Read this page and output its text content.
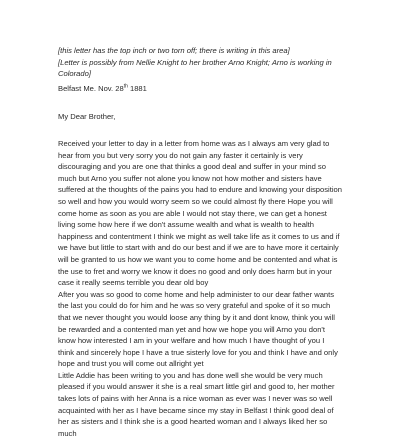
[this letter has the top inch or two torn off; there is writing in this area]

[Letter is possibly from Nellie Knight to her brother Arno Knight; Arno is working in Colorado]

Belfast Me. Nov. 28th 1881
My Dear Brother,

Received your letter to day in a letter from home was as I always am very glad to hear from you but very sorry you do not gain any faster it certainly is very discouraging and you are one that thinks a good deal and suffer in your mind so much but Arno you suffer not alone you know not how mother and sisters have suffered at the thoughts of the pains you had to endure and knowing your disposition so well and how you would worry seem so we could almost fly there Hope you will come home as soon as you are able I would not stay there, we can get a honest living some how here if we don't assume wealth and what is wealth to health happiness and contentment I think we might as well take life as it comes to us and if we have but little to start with and do our best and if we are to have more it certainly will be granted to us how we want you to come home and be contented and what is the use to fret and worry we know it does no good and only does harm but in your case it really seems terrible you dear old boy

After you was so good to come home and help administer to our dear father wants the last you could do for him and he was so very grateful and spoke of it so much that we never thought you would loose any thing by it and dont know, think you will be rewarded and a contented man yet and how we hope you will Arno you don't know how interested I am in your welfare and how much I have thought of you I think and sincerely hope I have a true sisterly love for you and think I have and only hope and trust you will come out allright yet

Little Addie has been writing to you and has done well she would be very much pleased if you would answer it she is a real smart little girl and good to, her mother takes lots of pains with her Anna is a nice woman as ever was I never was so well acquainted with her as I have became since my stay in Belfast I think good deal of her as sisters and I think she is a good hearted woman and I always liked her so much
